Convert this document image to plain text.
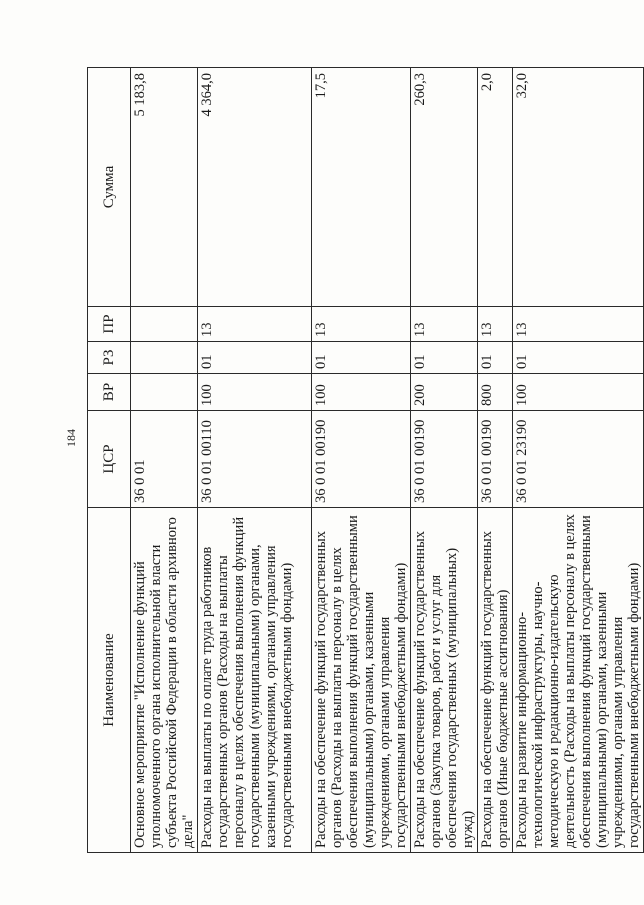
184
Наименование	ЦСР	ВР	РЗ	ПР	Сумма
Основное мероприятие "Исполнение функций уполномоченного органа исполнительной власти субъекта Российской Федерации в области архивного дела"	36 0 01				5 183,8
Расходы на выплаты по оплате труда работников государственных органов (Расходы на выплаты персоналу в целях обеспечения выполнения функций государственными (муниципальными) органами, казенными учреждениями, органами управления государственными внебюджетными фондами)	36 0 01 00110	100	01	13	4 364,0
Расходы на обеспечение функций государственных органов (Расходы на выплаты персоналу в целях обеспечения выполнения функций государственными (муниципальными) органами, казенными учреждениями, органами управления государственными внебюджетными фондами)	36 0 01 00190	100	01	13	17,5
Расходы на обеспечение функций государственных органов (Закупка товаров, работ и услуг для обеспечения государственных (муниципальных) нужд)	36 0 01 00190	200	01	13	260,3
Расходы на обеспечение функций государственных органов (Иные бюджетные ассигнования)	36 0 01 00190	800	01	13	2,0
Расходы на развитие информационно-технологической инфраструктуры, научно-методическую и редакционно-издательскую деятельность (Расходы на выплаты персоналу в целях обеспечения выполнения функций государственными (муниципальными) органами, казенными учреждениями, органами управления государственными внебюджетными фондами)	36 0 01 23190	100	01	13	32,0
